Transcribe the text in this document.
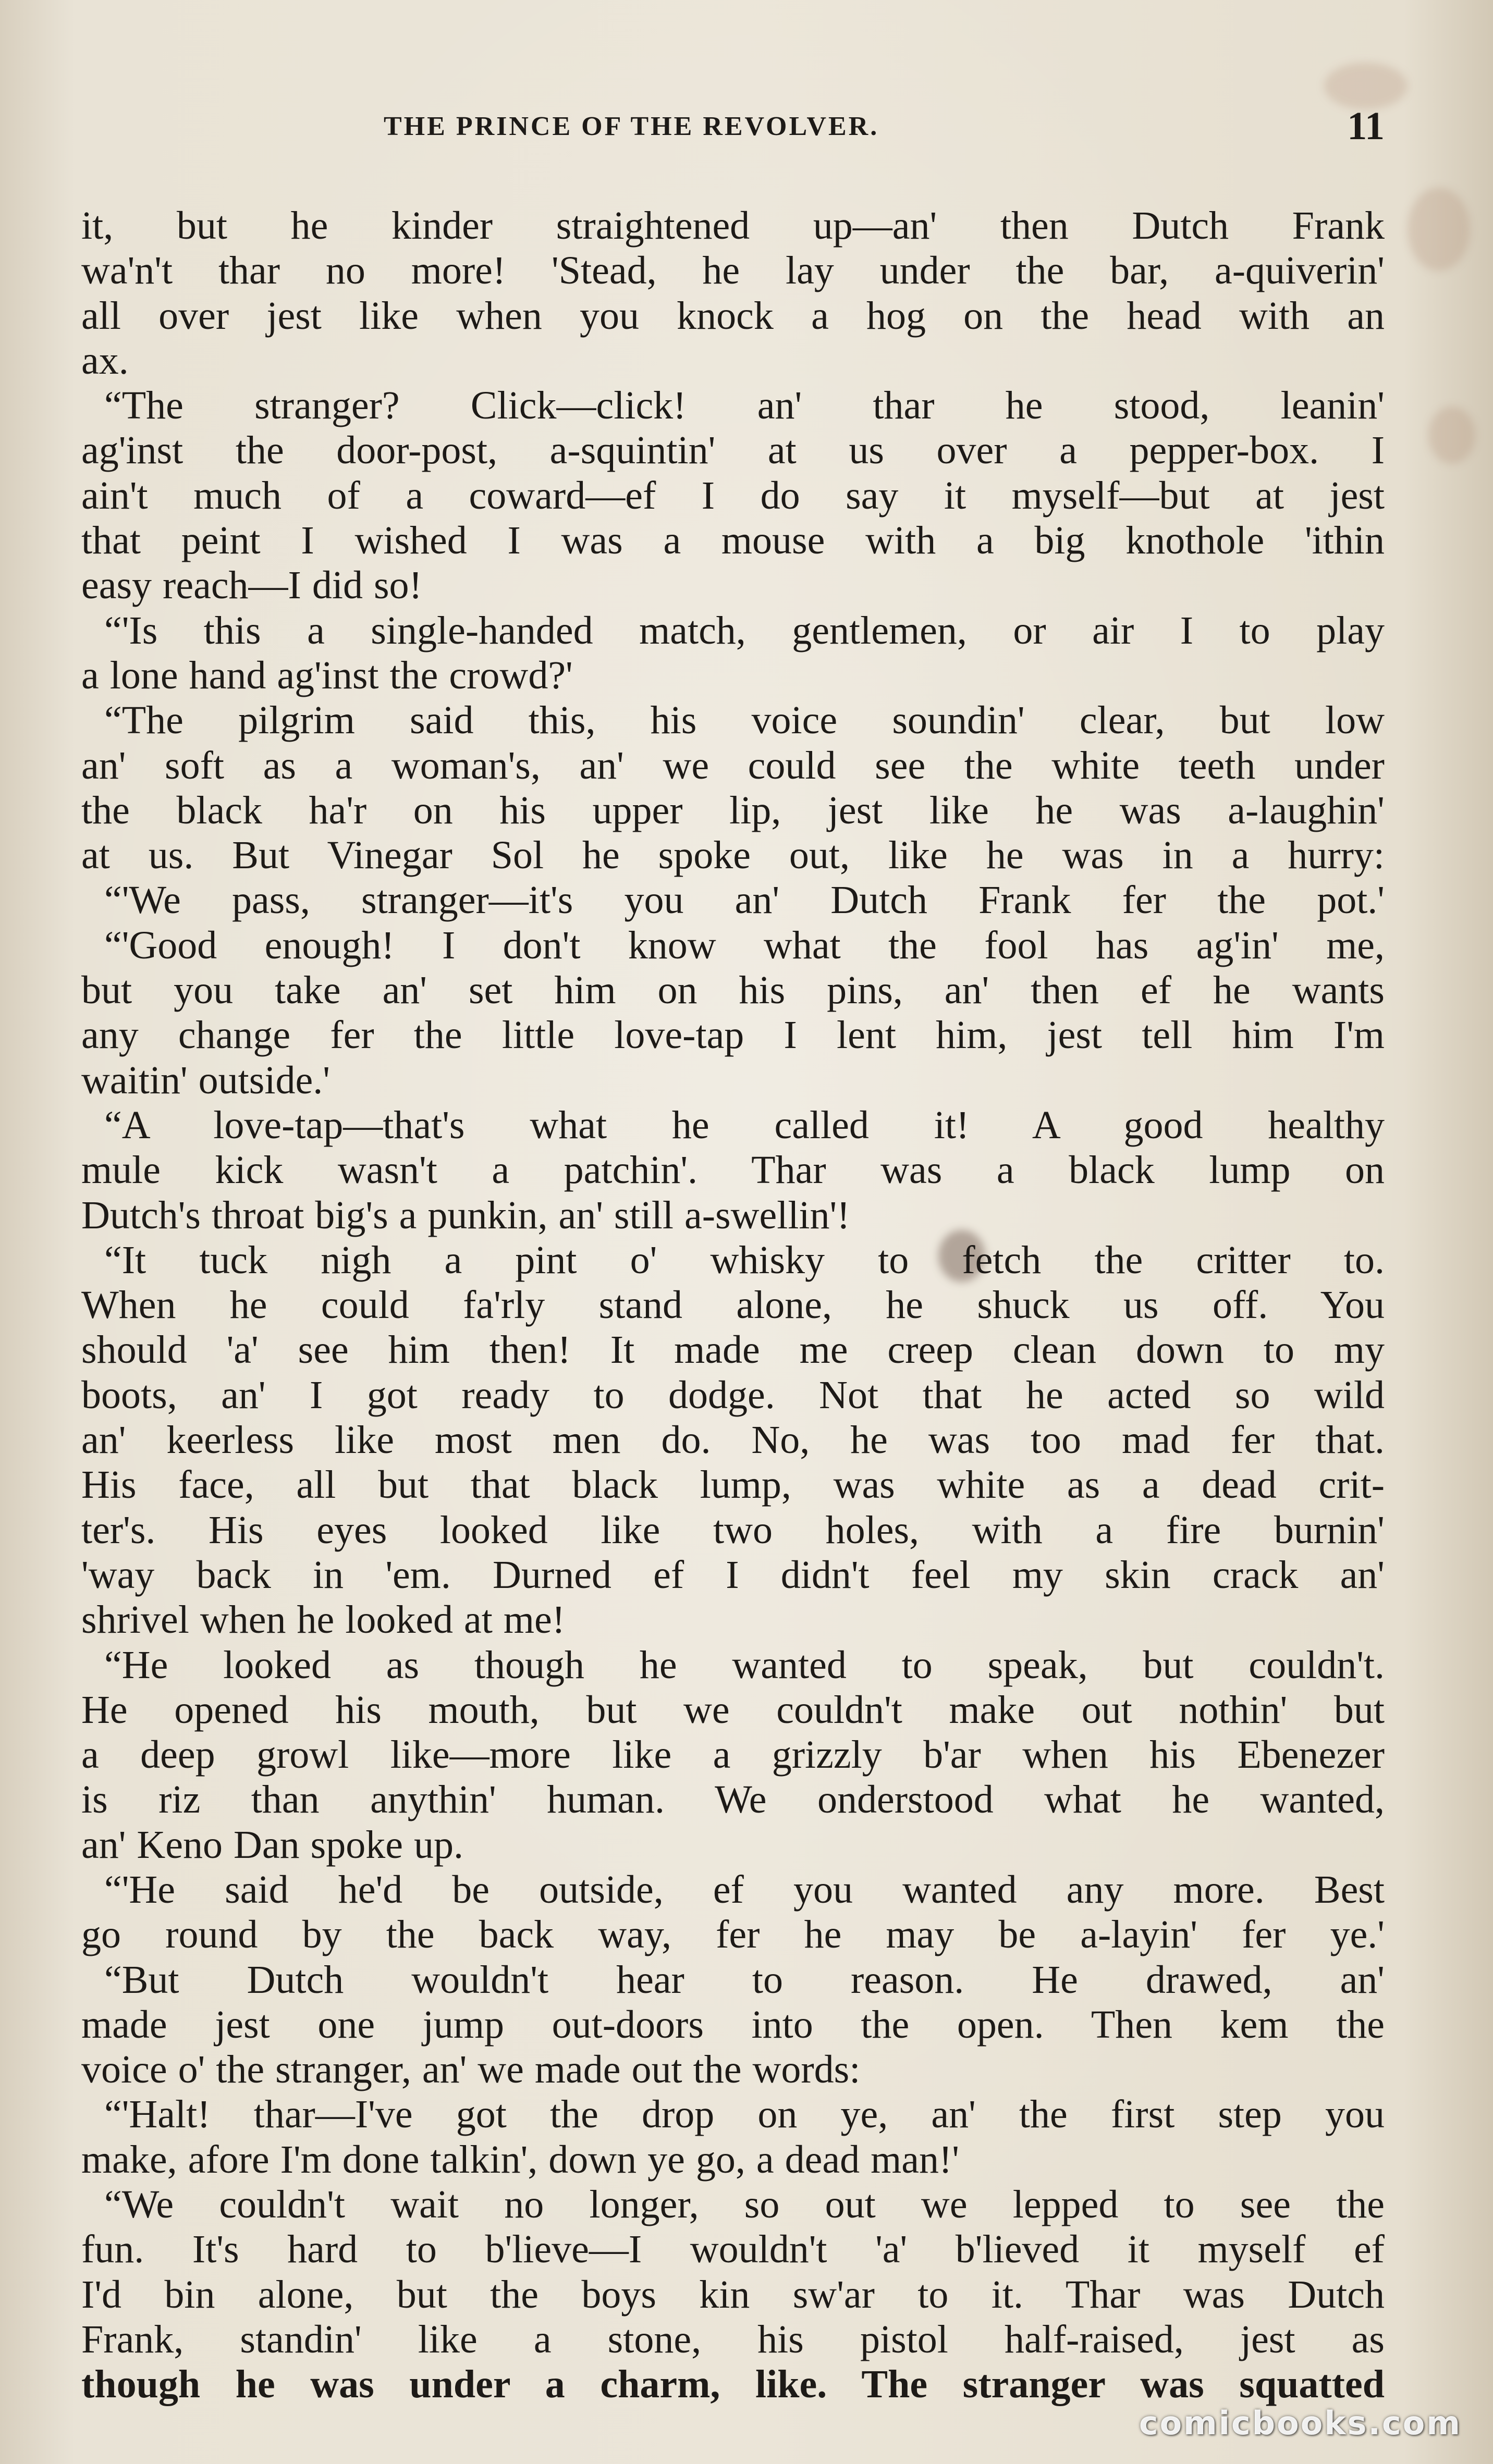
THE PRINCE OF THE REVOLVER.	11
it, but he kinder straightened up—an' then Dutch Frank
wa'n't thar no more! 'Stead, he lay under the bar, a-quiverin'
all over jest like when you knock a hog on the head with an
ax.
“The stranger? Click—click! an' thar he stood, leanin'
ag'inst the door-post, a-squintin' at us over a pepper-box. I
ain't much of a coward—ef I do say it myself—but at jest
that peint I wished I was a mouse with a big knothole 'ithin
easy reach—I did so!
“'Is this a single-handed match, gentlemen, or air I to play
a lone hand ag'inst the crowd?'
“The pilgrim said this, his voice soundin' clear, but low
an' soft as a woman's, an' we could see the white teeth under
the black ha'r on his upper lip, jest like he was a-laughin'
at us. But Vinegar Sol he spoke out, like he was in a hurry:
“'We pass, stranger—it's you an' Dutch Frank fer the pot.'
“'Good enough! I don't know what the fool has ag'in' me,
but you take an' set him on his pins, an' then ef he wants
any change fer the little love-tap I lent him, jest tell him I'm
waitin' outside.'
“A love-tap—that's what he called it! A good healthy
mule kick wasn't a patchin'. Thar was a black lump on
Dutch's throat big's a punkin, an' still a-swellin'!
“It tuck nigh a pint o' whisky to fetch the critter to.
When he could fa'rly stand alone, he shuck us off. You
should 'a' see him then! It made me creep clean down to my
boots, an' I got ready to dodge. Not that he acted so wild
an' keerless like most men do. No, he was too mad fer that.
His face, all but that black lump, was white as a dead crit-
ter's. His eyes looked like two holes, with a fire burnin'
'way back in 'em. Durned ef I didn't feel my skin crack an'
shrivel when he looked at me!
“He looked as though he wanted to speak, but couldn't.
He opened his mouth, but we couldn't make out nothin' but
a deep growl like—more like a grizzly b'ar when his Ebenezer
is riz than anythin' human. We onderstood what he wanted,
an' Keno Dan spoke up.
“'He said he'd be outside, ef you wanted any more. Best
go round by the back way, fer he may be a-layin' fer ye.'
“But Dutch wouldn't hear to reason. He drawed, an'
made jest one jump out-doors into the open. Then kem the
voice o' the stranger, an' we made out the words:
“'Halt! thar—I've got the drop on ye, an' the first step you
make, afore I'm done talkin', down ye go, a dead man!'
“We couldn't wait no longer, so out we lepped to see the
fun. It's hard to b'lieve—I wouldn't 'a' b'lieved it myself ef
I'd bin alone, but the boys kin sw'ar to it. Thar was Dutch
Frank, standin' like a stone, his pistol half-raised, jest as
though he was under a charm, like. The stranger was squatted
comicbooks.com
